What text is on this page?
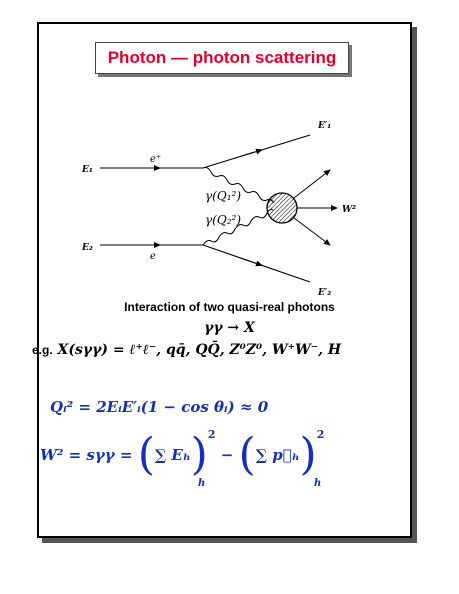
Photon — photon scattering
E₁
E₂
e⁺
e
E′₁
E′₂
γ(Q₁²)
γ(Q₂²)
W²
Interaction of two quasi-real photons
γγ → X
e.g. X(sγγ) = ℓ⁺ℓ⁻, qq̄, QQ̄, Z⁰Z⁰, W⁺W⁻, H
Qᵢ² = 2EᵢE′ᵢ(1 − cos θᵢ) ≈ 0
W² = sγγ = (∑ Eₕ)$^2$ − (∑ p⃗ₕ)$^2$
h	h
